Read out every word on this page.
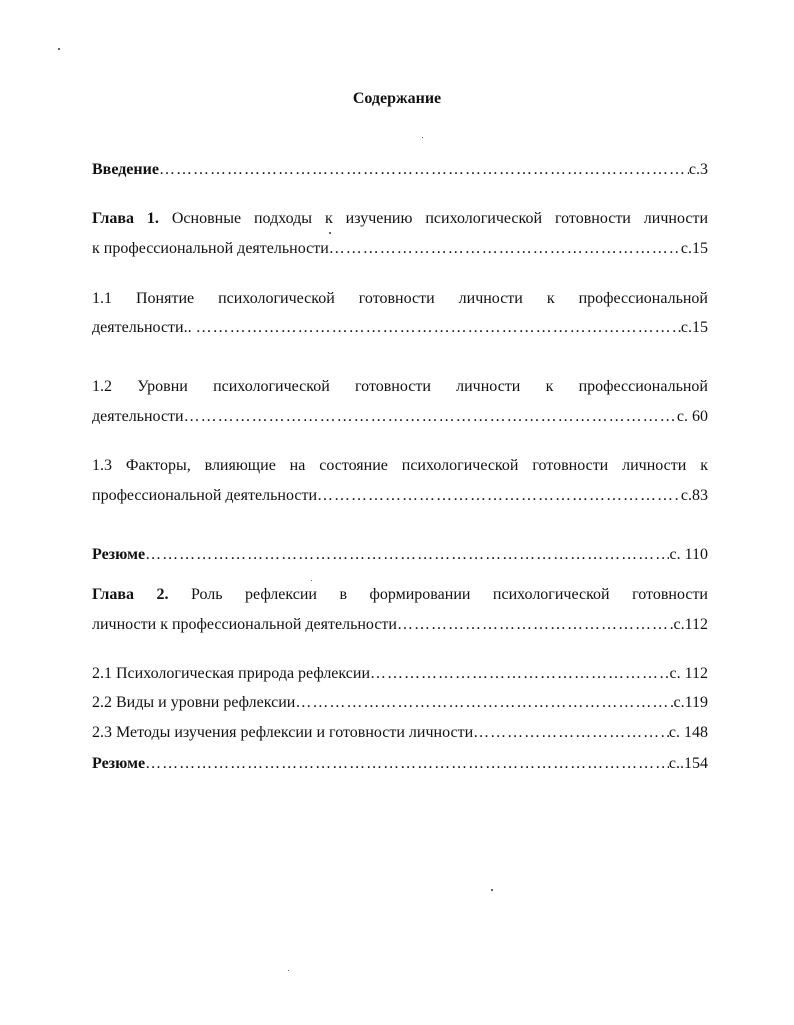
Содержание
Введение …………………………………………………………………………………………………………………………………………………………………………	с.3
Глава 1. Основные подходы к изучению психологической готовности личности
к профессиональной деятельности …………………………………………………………………………………………………………………………………………………………………………	с.15
1.1 Понятие психологической готовности личности к профессиональной
деятельности.. …………………………………………………………………………………………………………………………………………………………………………	с.15
1.2 Уровни психологической готовности личности к профессиональной
деятельности …………………………………………………………………………………………………………………………………………………………………………	с. 60
1.3 Факторы, влияющие на состояние психологической готовности личности к
профессиональной деятельности …………………………………………………………………………………………………………………………………………………………………………	с.83
Резюме …………………………………………………………………………………………………………………………………………………………………………	с. 110
Глава 2. Роль рефлексии в формировании психологической готовности
личности к профессиональной деятельности …………………………………………………………………………………………………………………………………………………………………………	с.112
2.1 Психологическая природа рефлексии …………………………………………………………………………………………………………………………………………………………………………	с. 112
2.2 Виды и уровни рефлексии …………………………………………………………………………………………………………………………………………………………………………	с.119
2.3 Методы изучения рефлексии и готовности личности …………………………………………………………………………………………………………………………………………………………………………	с. 148
Резюме …………………………………………………………………………………………………………………………………………………………………………	с..154
